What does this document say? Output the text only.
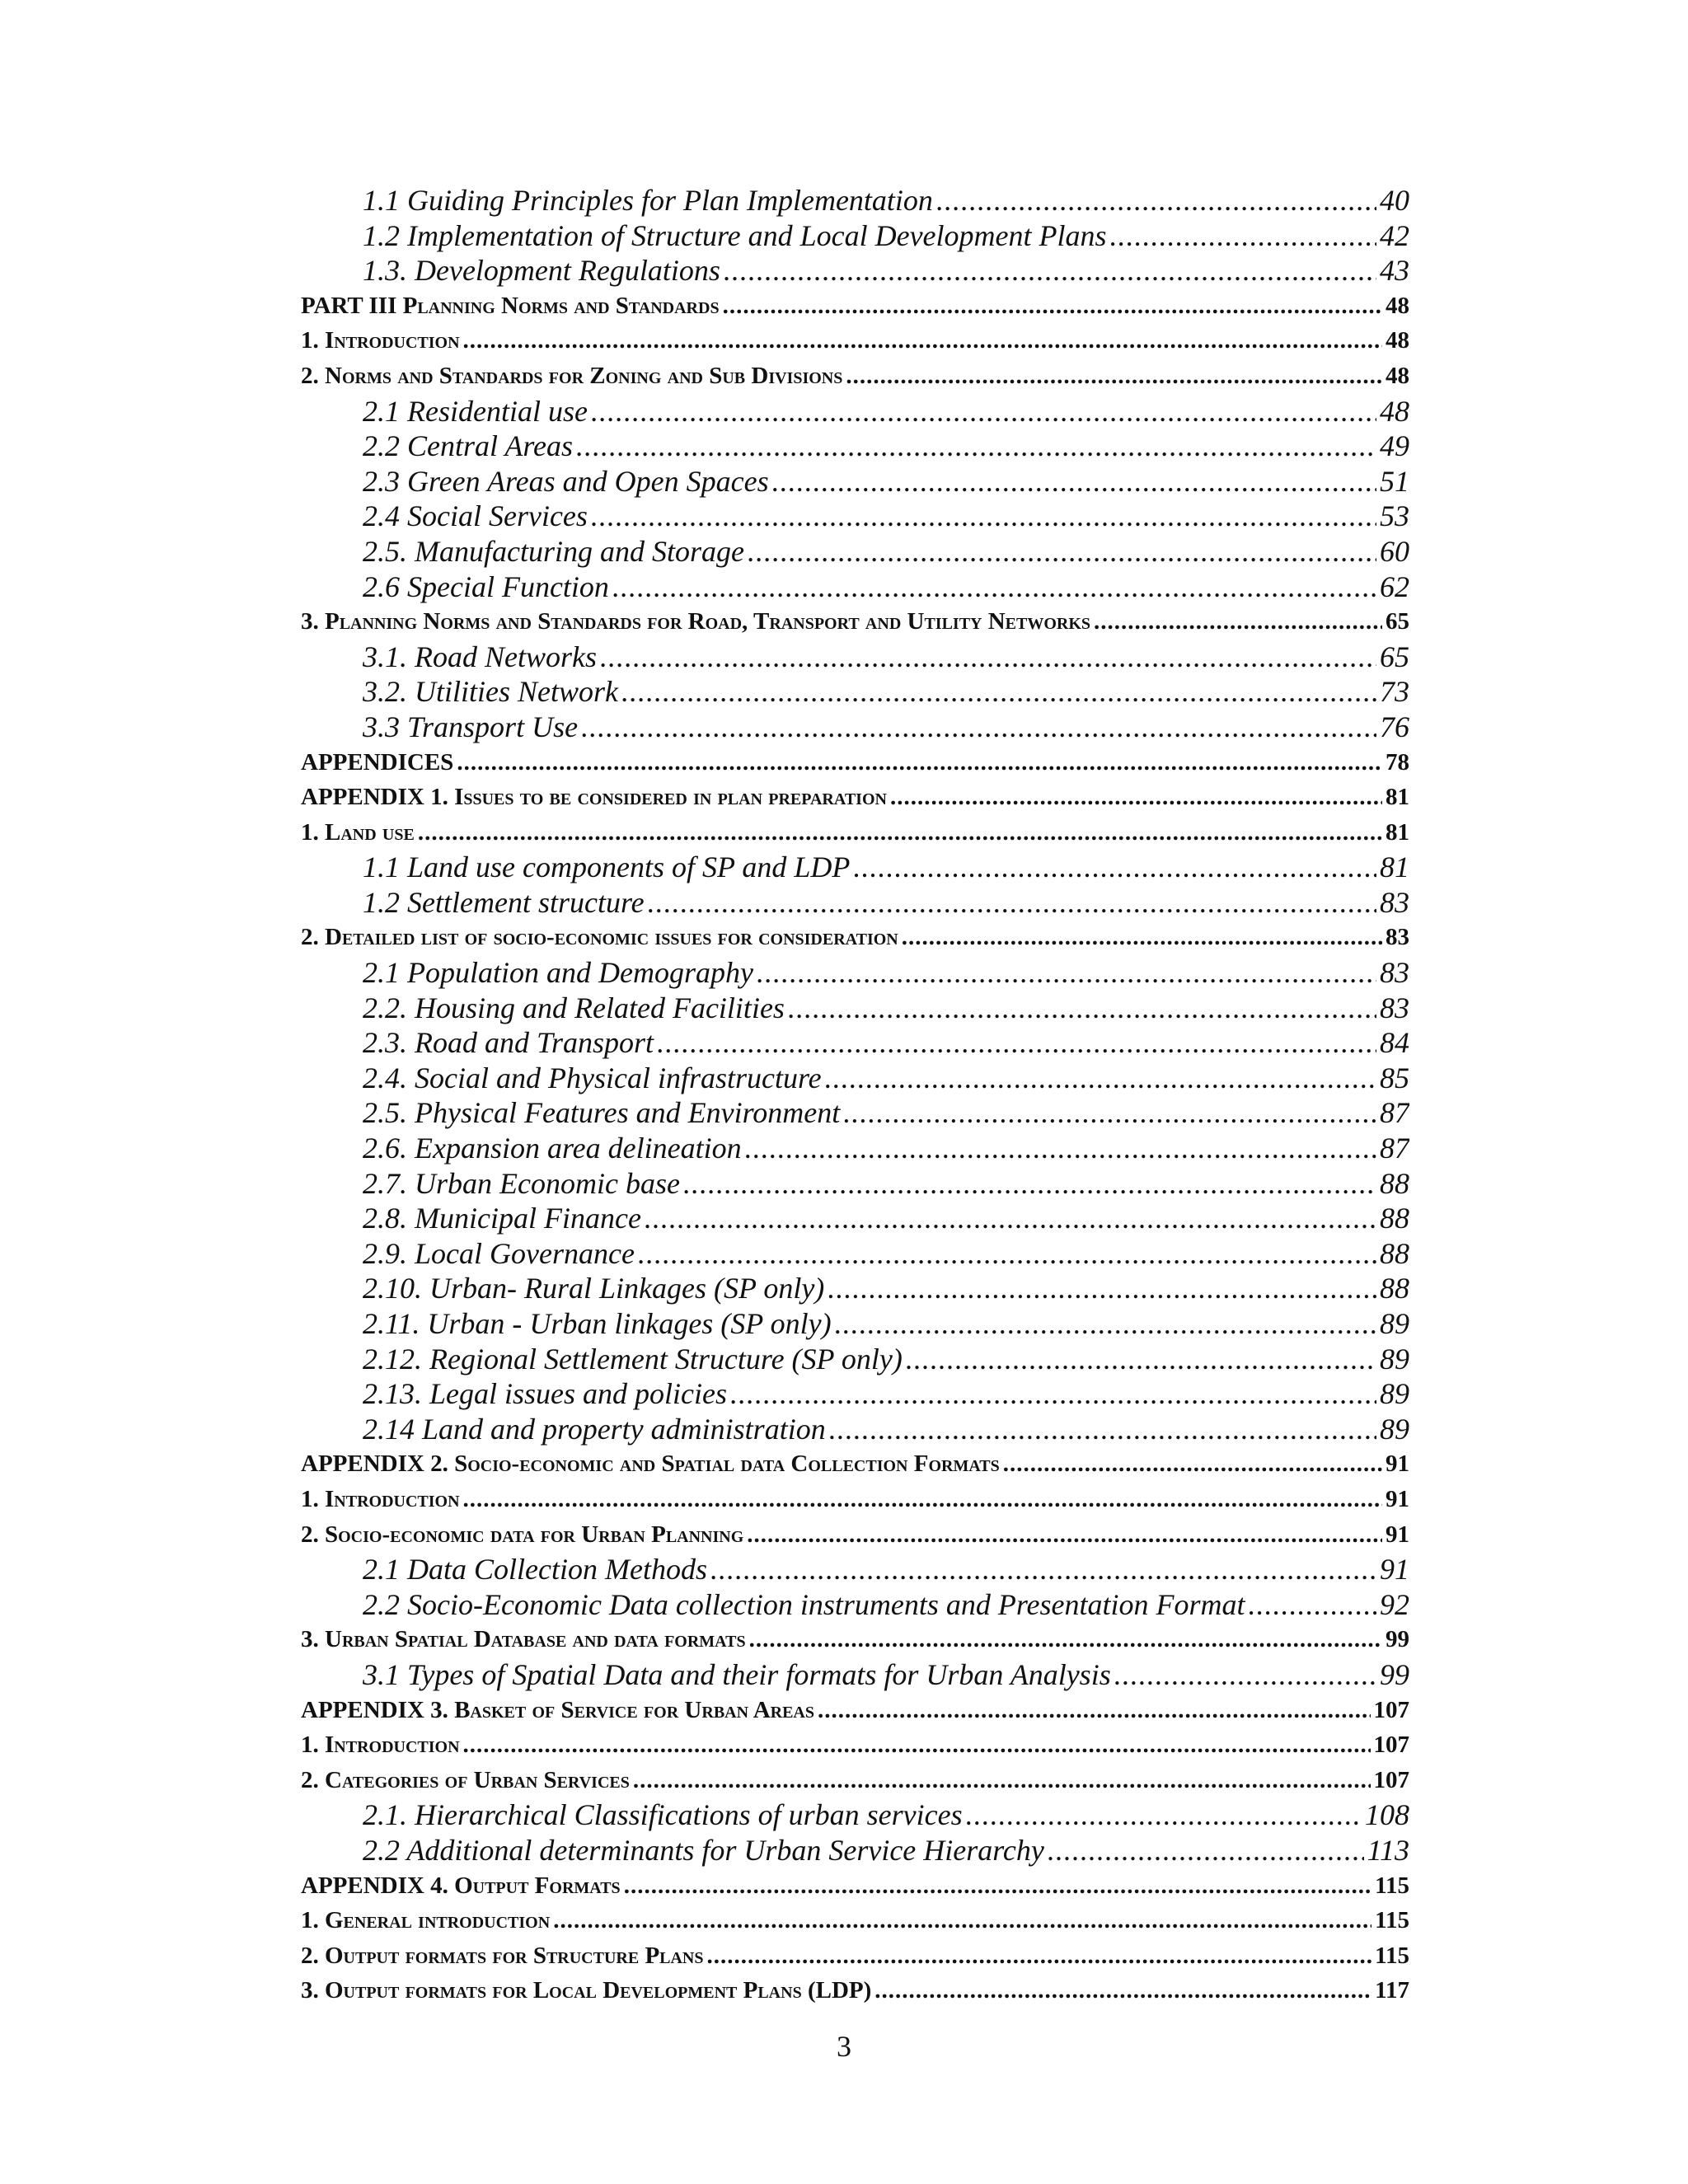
1.1 Guiding Principles for Plan Implementation .....	40
1.2 Implementation of Structure and Local Development Plans .....	42
1.3. Development Regulations .....	43
PART III Planning Norms and Standards .....	48
1. Introduction .....	48
2. Norms and Standards for Zoning and Sub Divisions .....	48
2.1 Residential use .....	48
2.2 Central Areas .....	49
2.3 Green Areas and Open Spaces .....	51
2.4 Social Services .....	53
2.5. Manufacturing and Storage .....	60
2.6 Special Function .....	62
3. Planning Norms and Standards for Road, Transport and Utility Networks .....	65
3.1. Road Networks .....	65
3.2. Utilities Network .....	73
3.3 Transport Use .....	76
APPENDICES .....	78
APPENDIX 1. Issues to be considered in plan preparation .....	81
1. Land use .....	81
1.1 Land use components of SP and LDP .....	81
1.2 Settlement structure .....	83
2. Detailed list of socio-economic issues for consideration .....	83
2.1 Population and Demography .....	83
2.2. Housing and Related Facilities .....	83
2.3. Road and Transport .....	84
2.4. Social and Physical infrastructure .....	85
2.5. Physical Features and Environment .....	87
2.6. Expansion area delineation .....	87
2.7. Urban Economic base .....	88
2.8. Municipal Finance .....	88
2.9. Local Governance .....	88
2.10. Urban- Rural Linkages (SP only) .....	88
2.11. Urban - Urban linkages (SP only) .....	89
2.12. Regional Settlement Structure (SP only) .....	89
2.13. Legal issues and policies .....	89
2.14 Land and property administration .....	89
APPENDIX 2. Socio-economic and Spatial data Collection Formats .....	91
1. Introduction .....	91
2. Socio-economic data for Urban Planning .....	91
2.1 Data Collection Methods .....	91
2.2 Socio-Economic Data collection instruments and Presentation Format .....	92
3. Urban Spatial Database and data formats .....	99
3.1 Types of Spatial Data and their formats for Urban Analysis .....	99
APPENDIX 3. Basket of Service for Urban Areas .....	107
1. Introduction .....	107
2. Categories of Urban Services .....	107
2.1. Hierarchical Classifications of urban services .....	108
2.2 Additional determinants for Urban Service Hierarchy .....	113
APPENDIX 4. Output Formats .....	115
1. General introduction .....	115
2. Output formats for Structure Plans .....	115
3. Output formats for Local Development Plans (LDP) .....	117
3
